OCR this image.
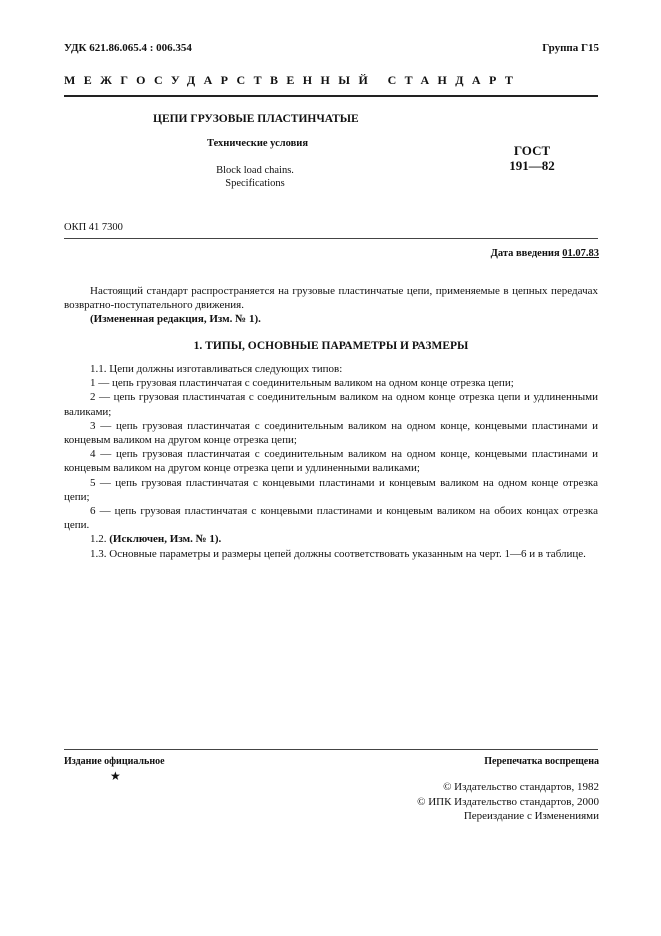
УДК 621.86.065.4 : 006.354	Группа Г15
МЕЖГОСУДАРСТВЕННЫЙ СТАНДАРТ
ЦЕПИ ГРУЗОВЫЕ ПЛАСТИНЧАТЫЕ
Технические условия
Block load chains.
Specifications
ГОСТ
191—82
ОКП 41 7300
Дата введения 01.07.83
Настоящий стандарт распространяется на грузовые пластинчатые цепи, применяемые в цепных передачах возвратно-поступательного движения.
(Измененная редакция, Изм. № 1).
1. ТИПЫ, ОСНОВНЫЕ ПАРАМЕТРЫ И РАЗМЕРЫ

1.1. Цепи должны изготавливаться следующих типов:

1 — цепь грузовая пластинчатая с соединительным валиком на одном конце отрезка цепи;

2 — цепь грузовая пластинчатая с соединительным валиком на одном конце отрезка цепи и удлиненными валиками;

3 — цепь грузовая пластинчатая с соединительным валиком на одном конце, концевыми пластинами и концевым валиком на другом конце отрезка цепи;

4 — цепь грузовая пластинчатая с соединительным валиком на одном конце, концевыми пластинами и концевым валиком на другом конце отрезка цепи и удлиненными валиками;

5 — цепь грузовая пластинчатая с концевыми пластинами и концевым валиком на одном конце отрезка цепи;

6 — цепь грузовая пластинчатая с концевыми пластинами и концевым валиком на обоих концах отрезка цепи.

1.2. (Исключен, Изм. № 1).

1.3. Основные параметры и размеры цепей должны соответствовать указанным на черт. 1—6 и в таблице.

Издание официальное
★
Перепечатка воспрещена
© Издательство стандартов, 1982
© ИПК Издательство стандартов, 2000
Переиздание с Изменениями
